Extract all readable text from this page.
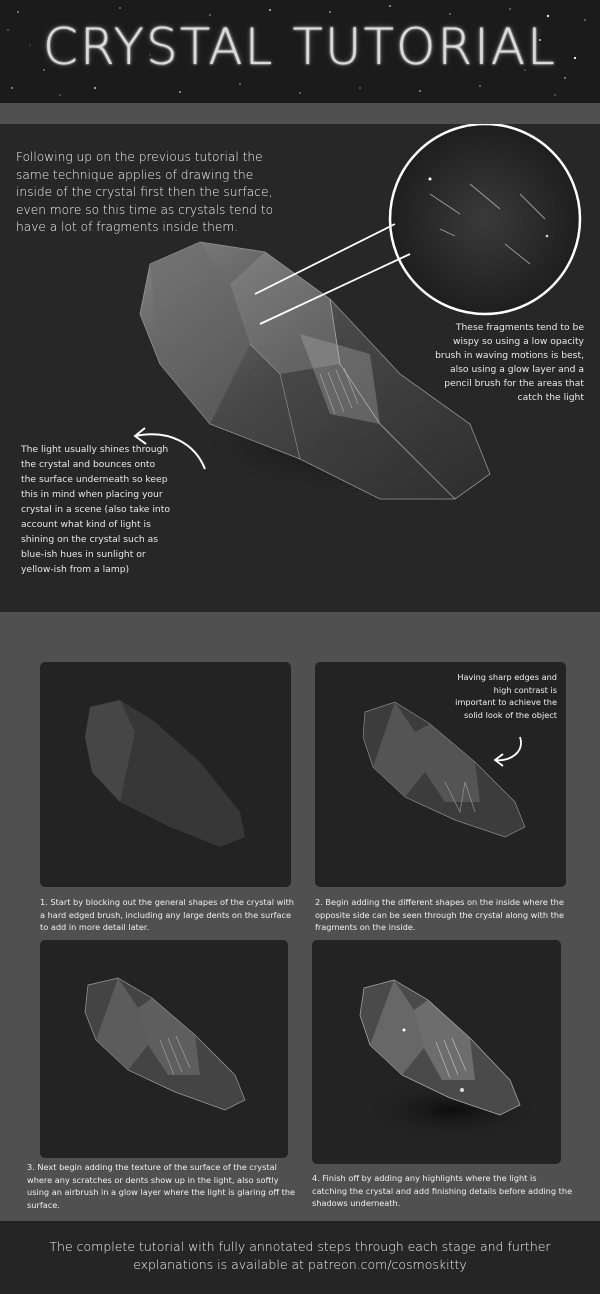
CRYSTAL TUTORIAL
Following up on the previous tutorial the same technique applies of drawing the inside of the crystal first then the surface, even more so this time as crystals tend to have a lot of fragments inside them.
These fragments tend to be wispy so using a low opacity brush in waving motions is best, also using a glow layer and a pencil brush for the areas that catch the light
The light usually shines through the crystal and bounces onto the surface underneath so keep this in mind when placing your crystal in a scene (also take into account what kind of light is shining on the crystal such as blue-ish hues in sunlight or yellow-ish from a lamp)
1. Start by blocking out the general shapes of the crystal with a hard edged brush, including any large dents on the surface to add in more detail later.
Having sharp edges and high contrast is important to achieve the solid look of the object
2. Begin adding the different shapes on the inside where the opposite side can be seen through the crystal along with the fragments on the inside.
3. Next begin adding the texture of the surface of the crystal where any scratches or dents show up in the light, also softly using an airbrush in a glow layer where the light is glaring off the surface.
4. Finish off by adding any highlights where the light is catching the crystal and add finishing details before adding the shadows underneath.
The complete tutorial with fully annotated steps through each stage and further explanations is available at patreon.com/cosmoskitty
